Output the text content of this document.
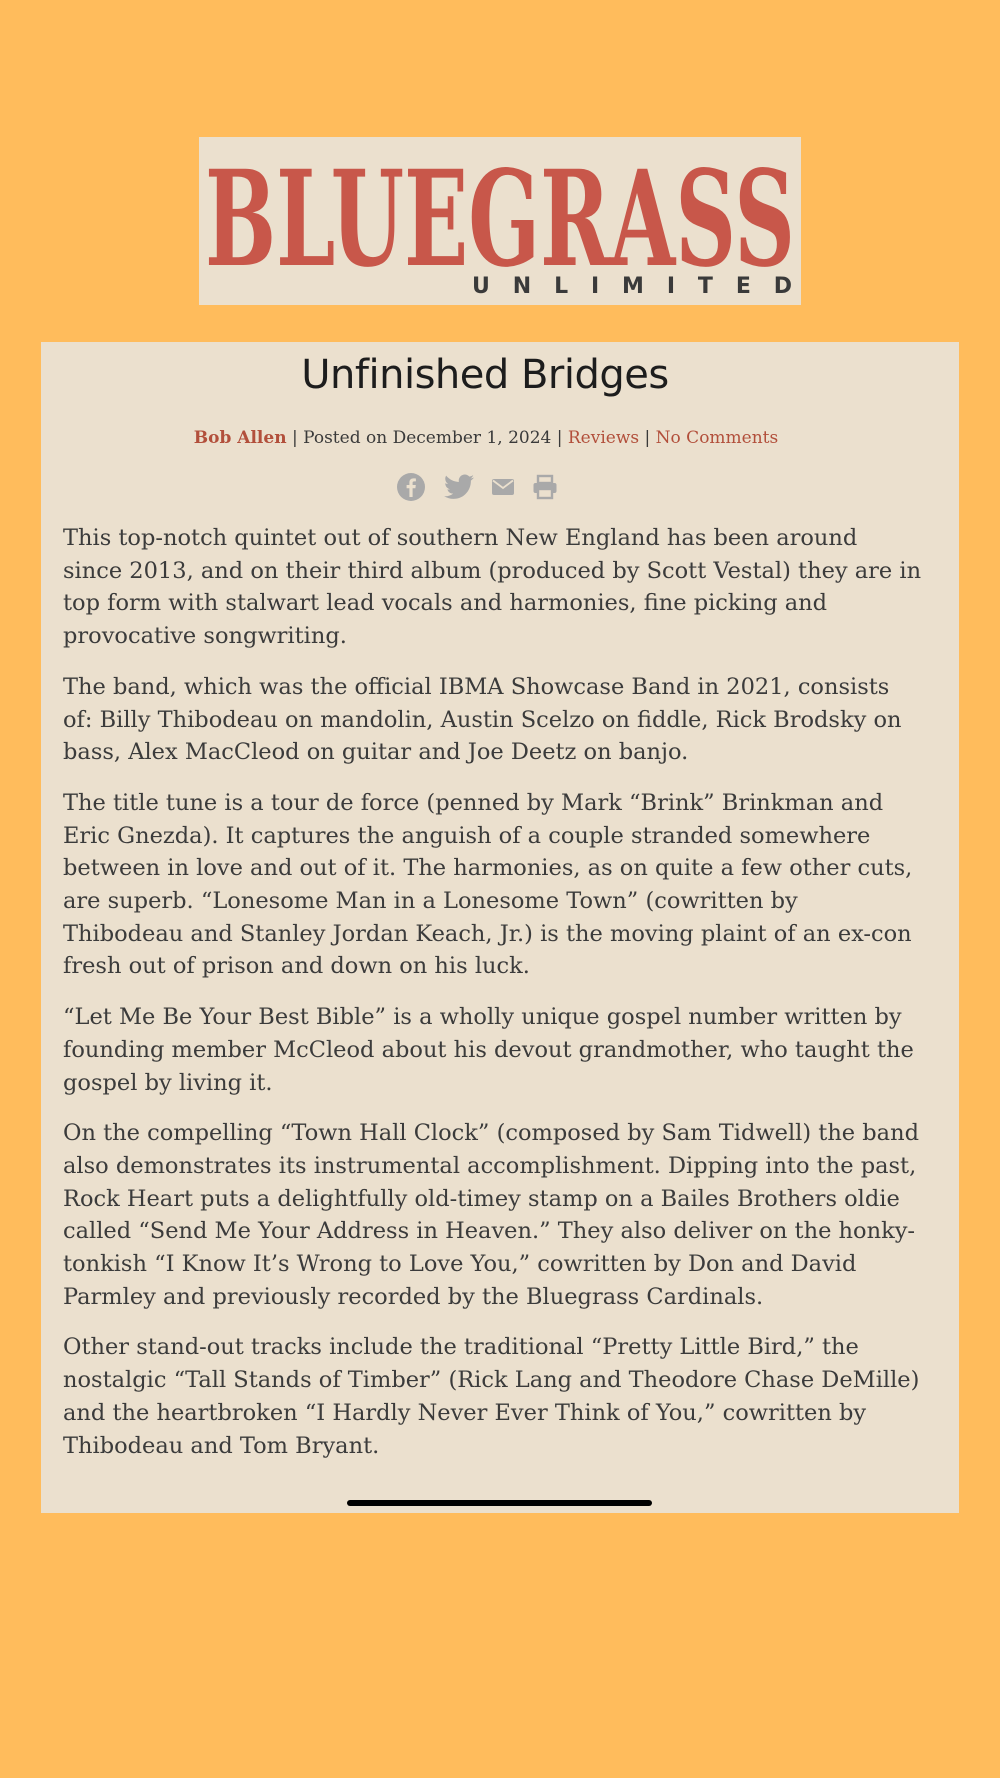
BLUEGRASS
UNLIMITED
Unfinished Bridges
Bob Allen | Posted on December 1, 2024 | Reviews | No Comments

This top-notch quintet out of southern New England has been around since 2013, and on their third album (produced by Scott Vestal) they are in top form with stalwart lead vocals and harmonies, fine picking and provocative songwriting.

The band, which was the official IBMA Showcase Band in 2021, consists of: Billy Thibodeau on mandolin, Austin Scelzo on fiddle, Rick Brodsky on bass, Alex MacCleod on guitar and Joe Deetz on banjo.

The title tune is a tour de force (penned by Mark “Brink” Brinkman and Eric Gnezda). It captures the anguish of a couple stranded somewhere between in love and out of it. The harmonies, as on quite a few other cuts, are superb. “Lonesome Man in a Lonesome Town” (cowritten by Thibodeau and Stanley Jordan Keach, Jr.) is the moving plaint of an ex-con fresh out of prison and down on his luck.

“Let Me Be Your Best Bible” is a wholly unique gospel number written by founding member McCleod about his devout grandmother, who taught the gospel by living it.

On the compelling “Town Hall Clock” (composed by Sam Tidwell) the band also demonstrates its instrumental accomplishment. Dipping into the past, Rock Heart puts a delightfully old-timey stamp on a Bailes Brothers oldie called “Send Me Your Address in Heaven.” They also deliver on the honky-tonkish “I Know It’s Wrong to Love You,” cowritten by Don and David Parmley and previously recorded by the Bluegrass Cardinals.

Other stand-out tracks include the traditional “Pretty Little Bird,” the nostalgic “Tall Stands of Timber” (Rick Lang and Theodore Chase DeMille) and the heartbroken “I Hardly Never Ever Think of You,” cowritten by Thibodeau and Tom Bryant.
